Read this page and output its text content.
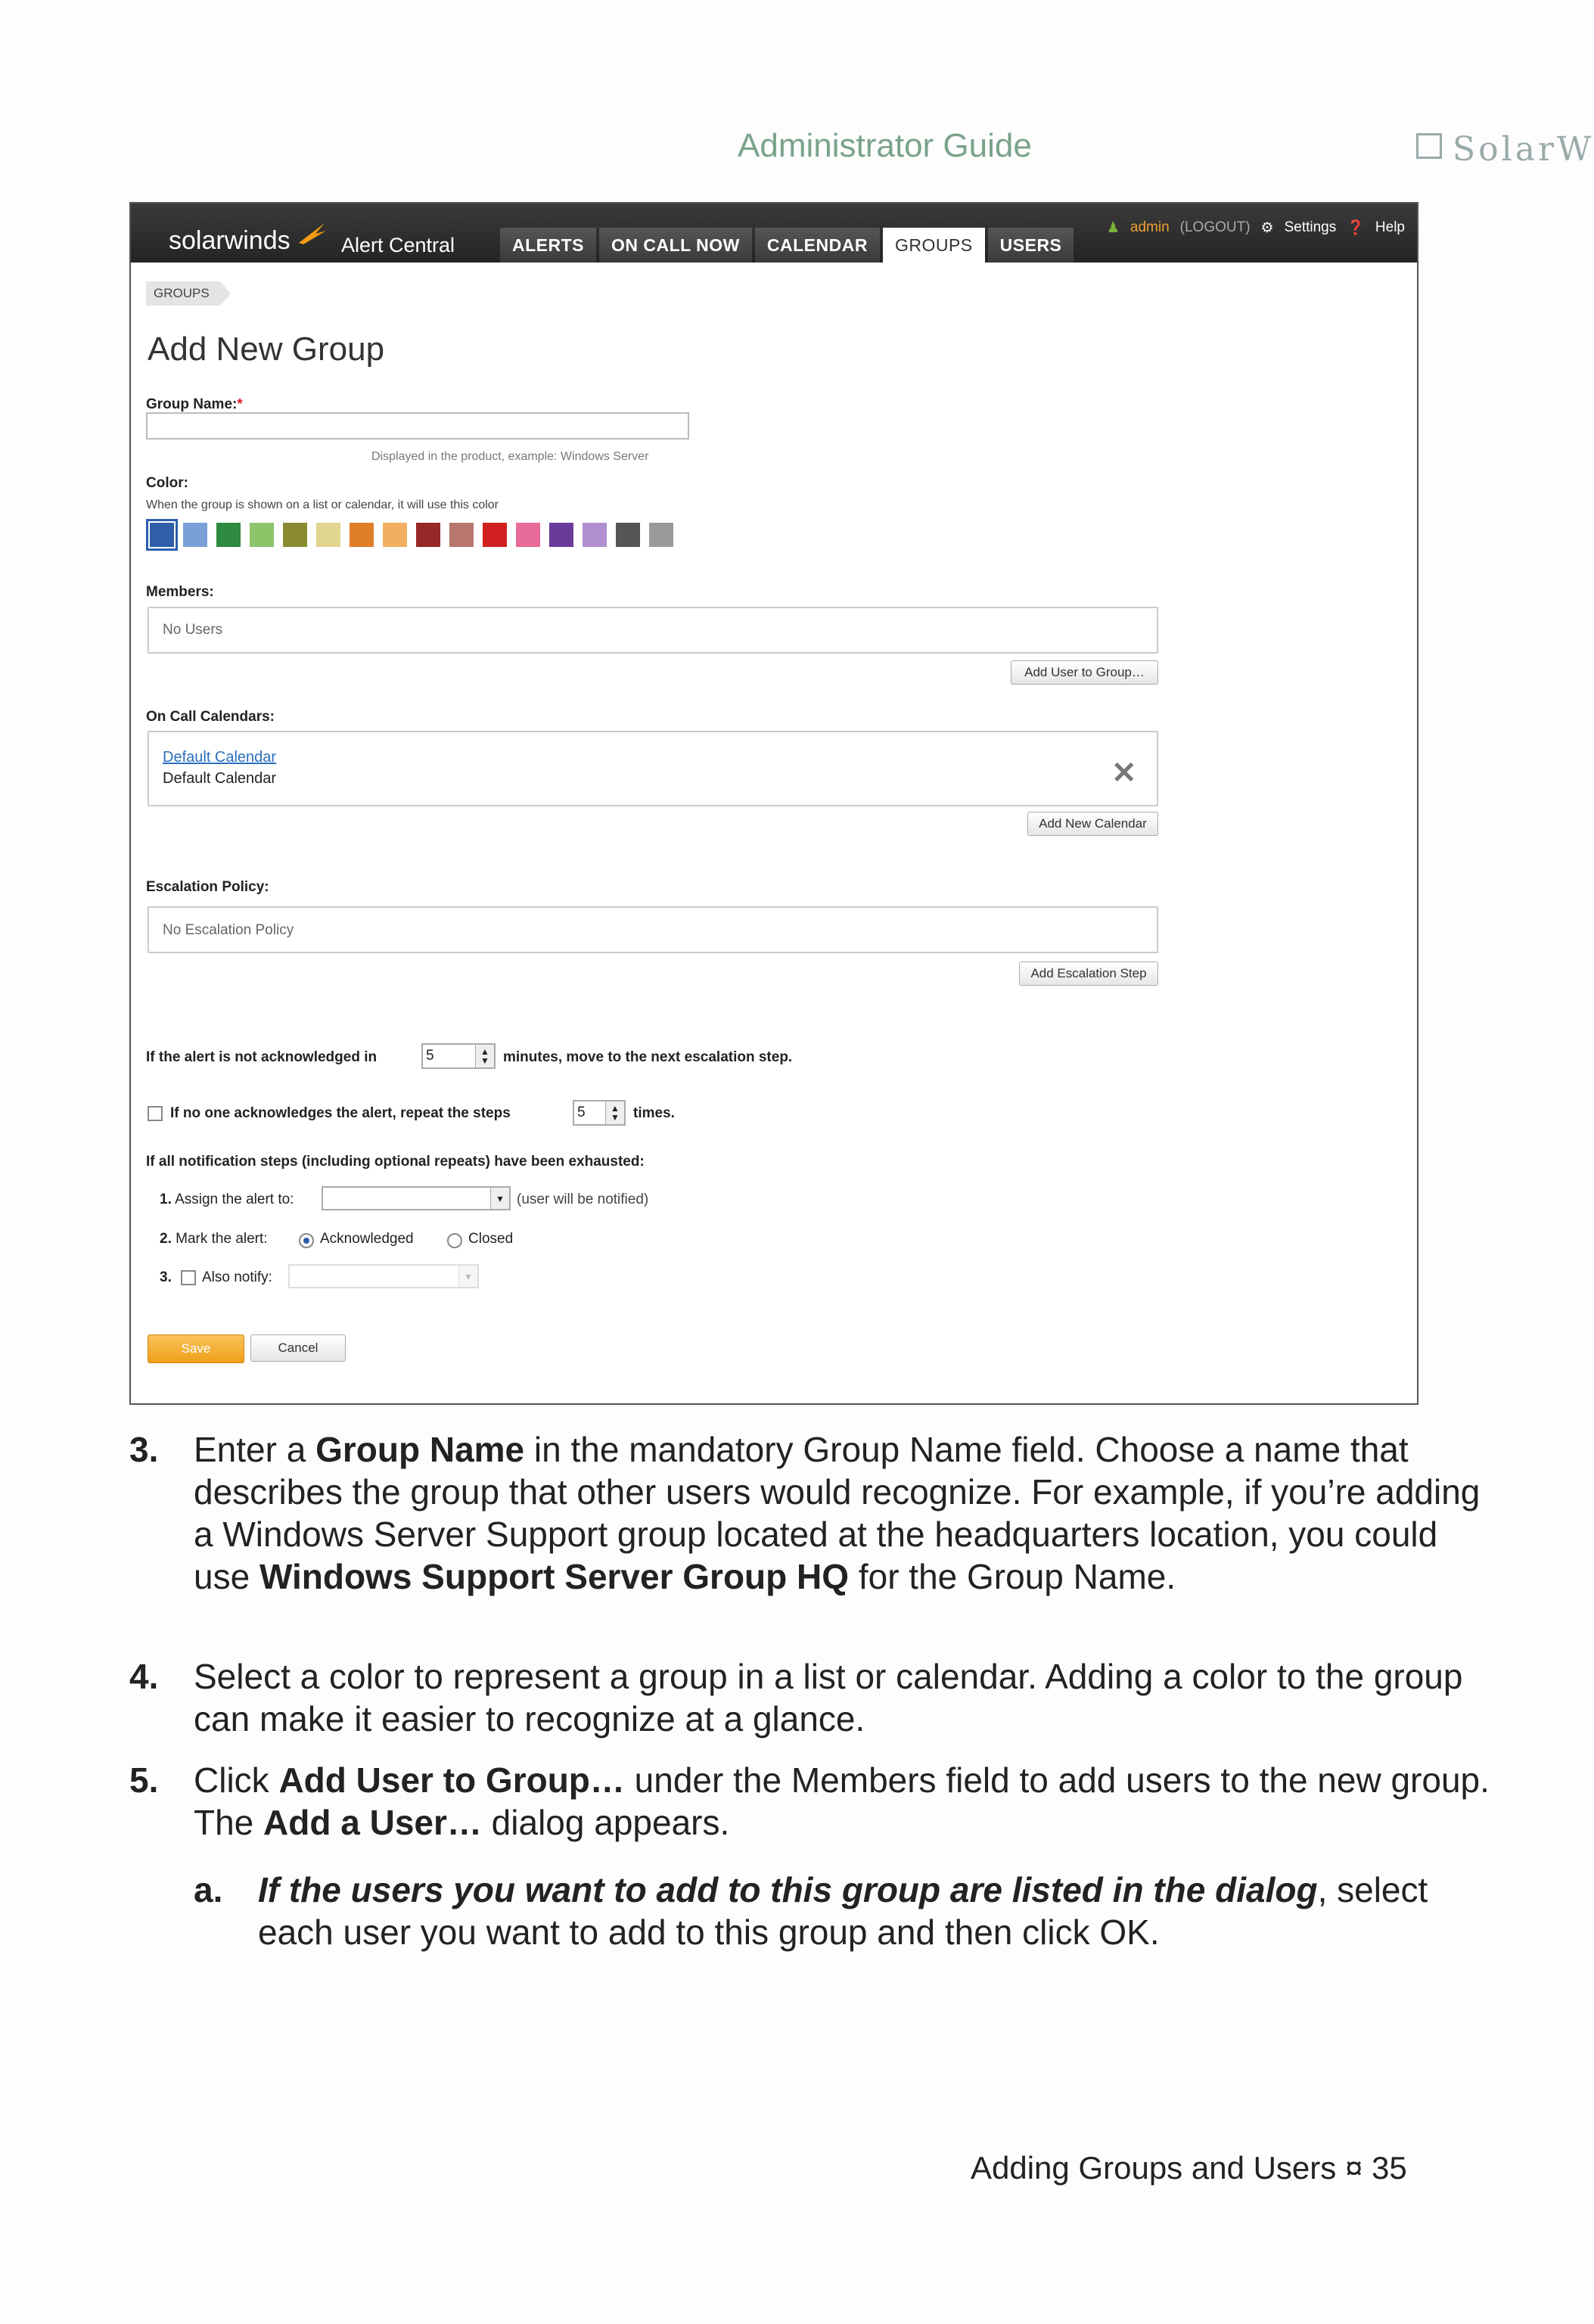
Administrator Guide	SolarW
solarwinds Alert Central	ALERTS	ON CALL NOW	CALENDAR	GROUPS	USERS
♟ admin (LOGOUT) ⚙ Settings ❓ Help
GROUPS
Add New Group
Group Name:*
Displayed in the product, example: Windows Server
Color:
When the group is shown on a list or calendar, it will use this color
Members:
No Users
Add User to Group…
On Call Calendars:
Default Calendar
Default Calendar	✕
Add New Calendar
Escalation Policy:
No Escalation Policy
Add Escalation Step
If the alert is not acknowledged in	5	▲
▼ minutes, move to the next escalation step.
If no one acknowledges the alert, repeat the steps	5	▲
▼ times.
If all notification steps (including optional repeats) have been exhausted:
1. Assign the alert to:	▾ (user will be notified)
2. Mark the alert:	Acknowledged	Closed
3. Also notify:	▾
Save	Cancel
3. Enter a Group Name in the mandatory Group Name field. Choose a name that describes the group that other users would recognize. For example, if you’re adding a Windows Server Support group located at the headquarters location, you could use Windows Support Server Group HQ for the Group Name.
4. Select a color to represent a group in a list or calendar. Adding a color to the group can make it easier to recognize at a glance.
5. Click Add User to Group… under the Members field to add users to the new group. The Add a User… dialog appears.
a. If the users you want to add to this group are listed in the dialog, select each user you want to add to this group and then click OK.
Adding Groups and Users ¤ 35
